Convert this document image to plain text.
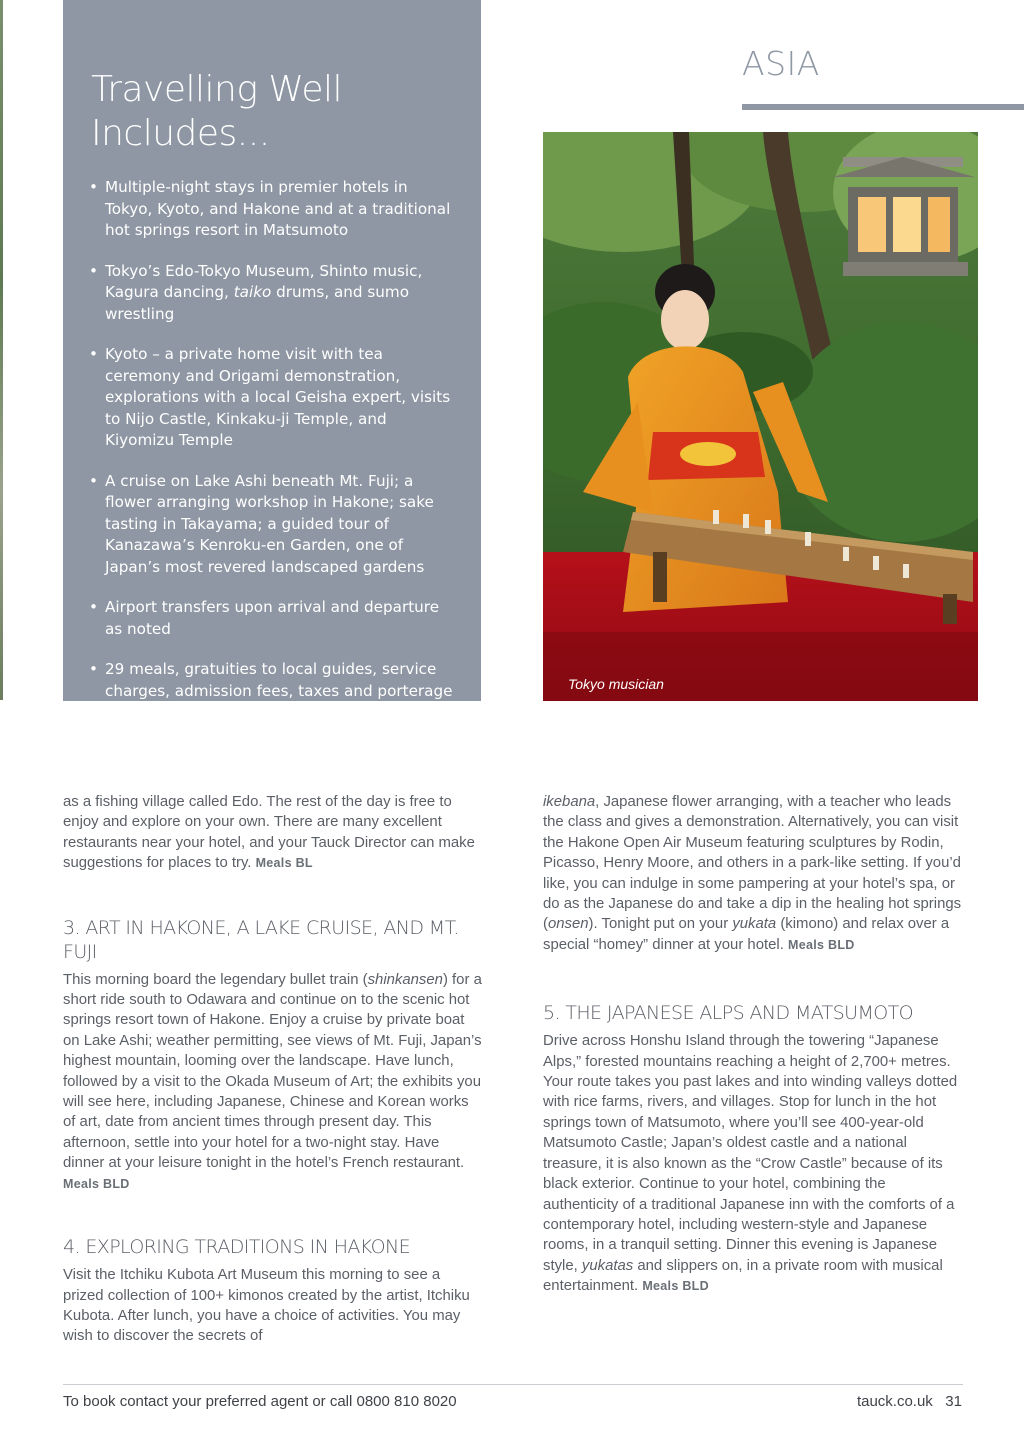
Travelling Well
Includes...
• Multiple-night stays in premier hotels in Tokyo, Kyoto, and Hakone and at a traditional hot springs resort in Matsumoto
• Tokyo’s Edo-Tokyo Museum, Shinto music, Kagura dancing, taiko drums, and sumo wrestling
• Kyoto – a private home visit with tea ceremony and Origami demonstration, explorations with a local Geisha expert, visits to Nijo Castle, Kinkaku-ji Temple, and Kiyomizu Temple
• A cruise on Lake Ashi beneath Mt. Fuji; a flower arranging workshop in Hakone; sake tasting in Takayama; a guided tour of Kanazawa’s Kenroku-en Garden, one of Japan’s most revered landscaped gardens
• Airport transfers upon arrival and departure as noted
• 29 meals, gratuities to local guides, service charges, admission fees, taxes and porterage
ASIA
Tokyo musician

as a fishing village called Edo. The rest of the day is free to enjoy and explore on your own. There are many excellent restaurants near your hotel, and your Tauck Director can make suggestions for places to try. Meals BL

3. ART IN HAKONE, A LAKE CRUISE, AND MT. FUJI

This morning board the legendary bullet train (shinkansen) for a short ride south to Odawara and continue on to the scenic hot springs resort town of Hakone. Enjoy a cruise by private boat on Lake Ashi; weather permitting, see views of Mt. Fuji, Japan’s highest mountain, looming over the landscape. Have lunch, followed by a visit to the Okada Museum of Art; the exhibits you will see here, including Japanese, Chinese and Korean works of art, date from ancient times through present day. This afternoon, settle into your hotel for a two-night stay. Have dinner at your leisure tonight in the hotel’s French restaurant. Meals BLD

4. EXPLORING TRADITIONS IN HAKONE

Visit the Itchiku Kubota Art Museum this morning to see a prized collection of 100+ kimonos created by the artist, Itchiku Kubota. After lunch, you have a choice of activities. You may wish to discover the secrets of

ikebana, Japanese flower arranging, with a teacher who leads the class and gives a demonstration. Alternatively, you can visit the Hakone Open Air Museum featuring sculptures by Rodin, Picasso, Henry Moore, and others in a park-like setting. If you’d like, you can indulge in some pampering at your hotel’s spa, or do as the Japanese do and take a dip in the healing hot springs (onsen). Tonight put on your yukata (kimono) and relax over a special “homey” dinner at your hotel. Meals BLD

5. THE JAPANESE ALPS AND MATSUMOTO

Drive across Honshu Island through the towering “Japanese Alps,” forested mountains reaching a height of 2,700+ metres. Your route takes you past lakes and into winding valleys dotted with rice farms, rivers, and villages. Stop for lunch in the hot springs town of Matsumoto, where you’ll see 400-year-old Matsumoto Castle; Japan’s oldest castle and a national treasure, it is also known as the “Crow Castle” because of its black exterior. Continue to your hotel, combining the authenticity of a traditional Japanese inn with the comforts of a contemporary hotel, including western-style and Japanese rooms, in a tranquil setting. Dinner this evening is Japanese style, yukatas and slippers on, in a private room with musical entertainment. Meals BLD

To book contact your preferred agent or call 0800 810 8020	tauck.co.uk   31
